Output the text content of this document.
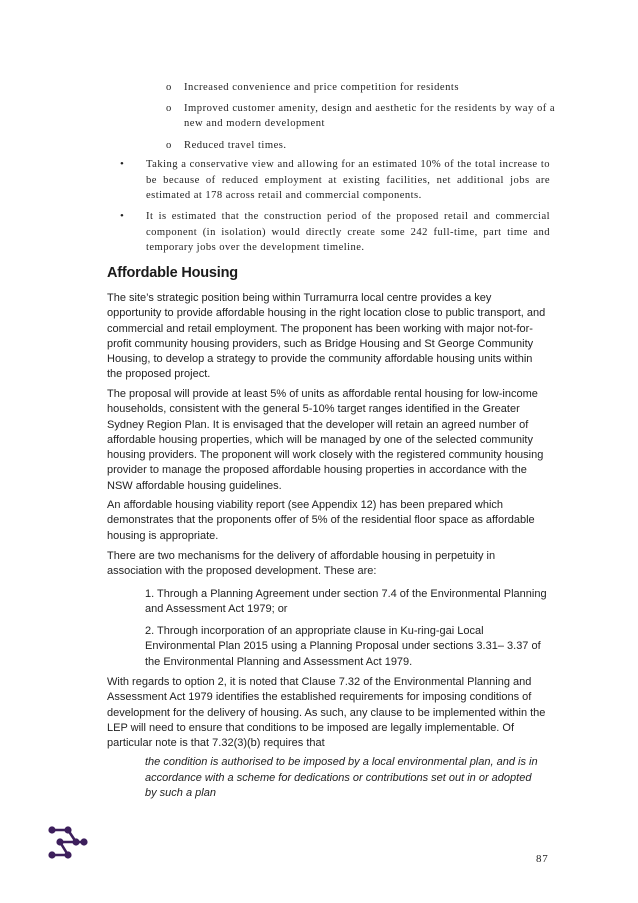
o Increased convenience and price competition for residents
o Improved customer amenity, design and aesthetic for the residents by way of a new and modern development
o Reduced travel times.
• Taking a conservative view and allowing for an estimated 10% of the total increase to be because of reduced employment at existing facilities, net additional jobs are estimated at 178 across retail and commercial components.
• It is estimated that the construction period of the proposed retail and commercial component (in isolation) would directly create some 242 full-time, part time and temporary jobs over the development timeline.
Affordable Housing

The site’s strategic position being within Turramurra local centre provides a key opportunity to provide affordable housing in the right location close to public transport, and commercial and retail employment. The proponent has been working with major not-for-profit community housing providers, such as Bridge Housing and St George Community Housing, to develop a strategy to provide the community affordable housing units within the proposed project.

The proposal will provide at least 5% of units as affordable rental housing for low-income households, consistent with the general 5-10% target ranges identified in the Greater Sydney Region Plan. It is envisaged that the developer will retain an agreed number of affordable housing properties, which will be managed by one of the selected community housing providers. The proponent will work closely with the registered community housing provider to manage the proposed affordable housing properties in accordance with the NSW affordable housing guidelines.

An affordable housing viability report (see Appendix 12) has been prepared which demonstrates that the proponents offer of 5% of the residential floor space as affordable housing is appropriate.

There are two mechanisms for the delivery of affordable housing in perpetuity in association with the proposed development. These are:

1. Through a Planning Agreement under section 7.4 of the Environmental Planning and Assessment Act 1979; or

2. Through incorporation of an appropriate clause in Ku-ring-gai Local Environmental Plan 2015 using a Planning Proposal under sections 3.31– 3.37 of the Environmental Planning and Assessment Act 1979.

With regards to option 2, it is noted that Clause 7.32 of the Environmental Planning and Assessment Act 1979 identifies the established requirements for imposing conditions of development for the delivery of housing. As such, any clause to be implemented within the LEP will need to ensure that conditions to be imposed are legally implementable. Of particular note is that 7.32(3)(b) requires that

the condition is authorised to be imposed by a local environmental plan, and is in accordance with a scheme for dedications or contributions set out in or adopted by such a plan

87
